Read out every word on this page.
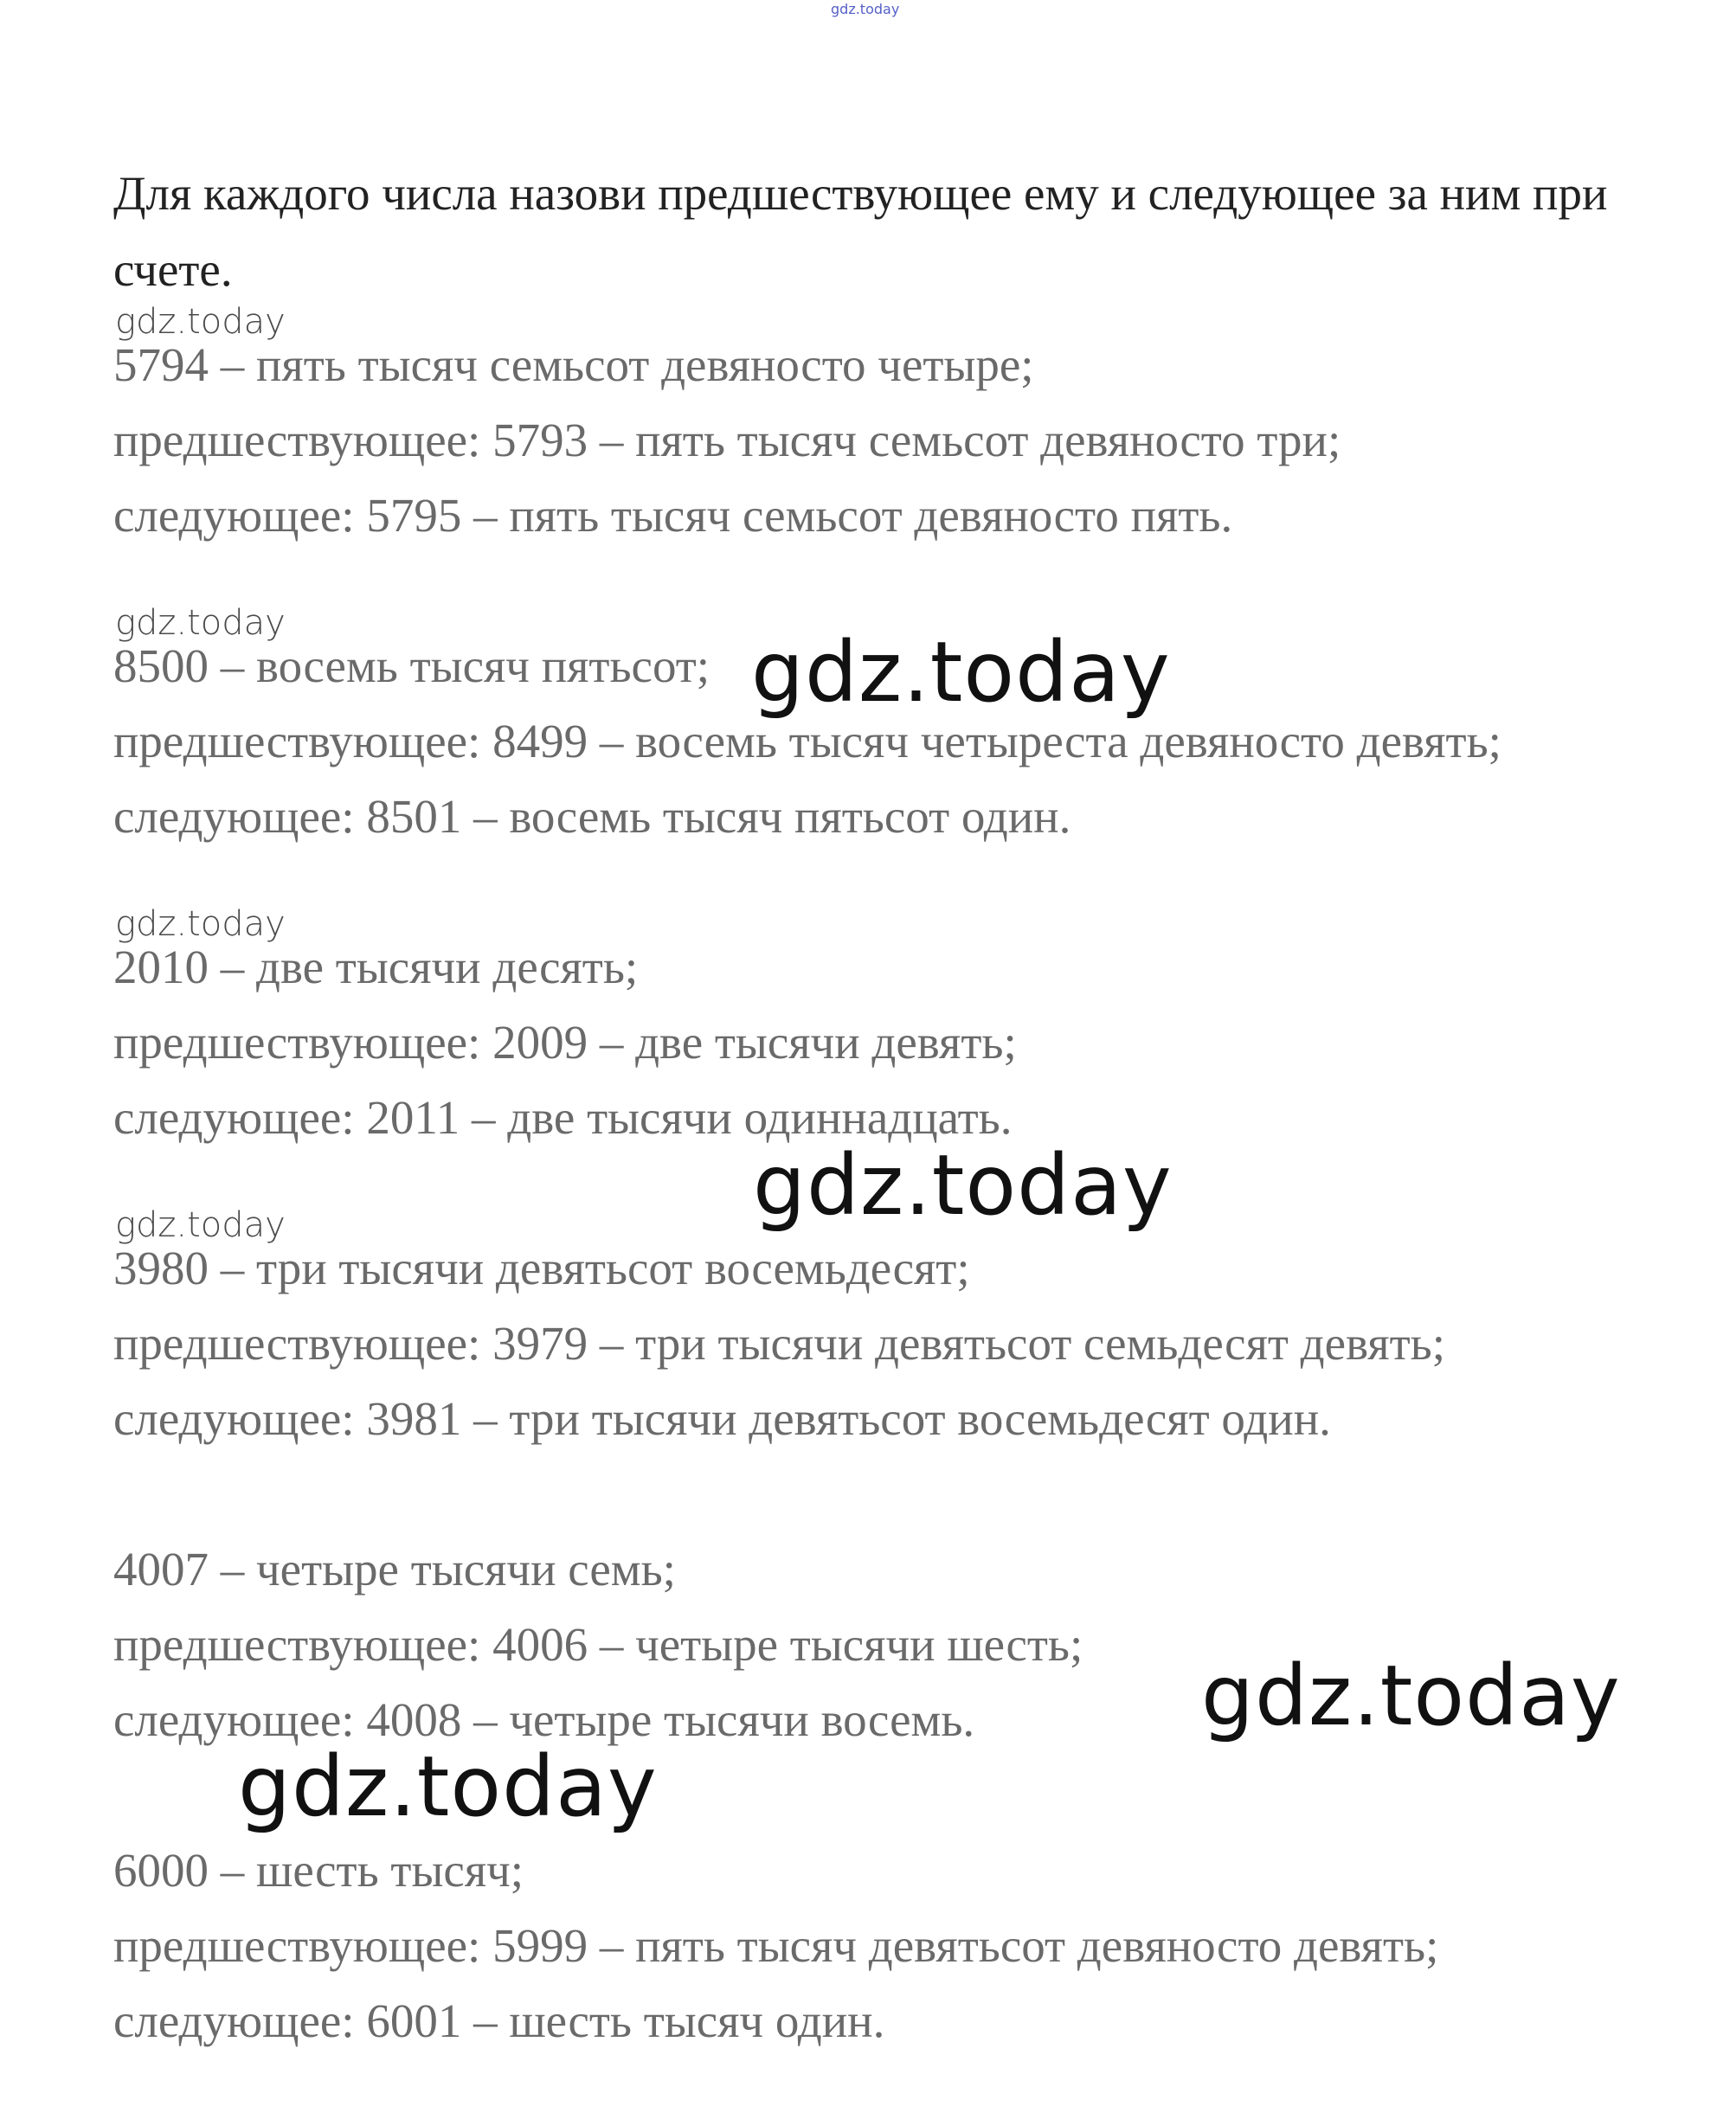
gdz.today

Для каждого числа назови предшествующее ему и следующее за ним при счете.

gdz.today
5794 – пять тысяч семьсот девяносто четыре;
предшествующее: 5793 – пять тысяч семьсот девяносто три;
следующее: 5795 – пять тысяч семьсот девяносто пять.
gdz.today
8500 – восемь тысяч пятьсот;
предшествующее: 8499 – восемь тысяч четыреста девяносто девять;
следующее: 8501 – восемь тысяч пятьсот один.
gdz.today
gdz.today
2010 – две тысячи десять;
предшествующее: 2009 – две тысячи девять;
следующее: 2011 – две тысячи одиннадцать.
gdz.today
gdz.today
3980 – три тысячи девятьсот восемьдесят;
предшествующее: 3979 – три тысячи девятьсот семьдесят девять;
следующее: 3981 – три тысячи девятьсот восемьдесят один.
4007 – четыре тысячи семь;
предшествующее: 4006 – четыре тысячи шесть;
следующее: 4008 – четыре тысячи восемь.	gdz.today
gdz.today
6000 – шесть тысяч;
предшествующее: 5999 – пять тысяч девятьсот девяносто девять;
следующее: 6001 – шесть тысяч один.
